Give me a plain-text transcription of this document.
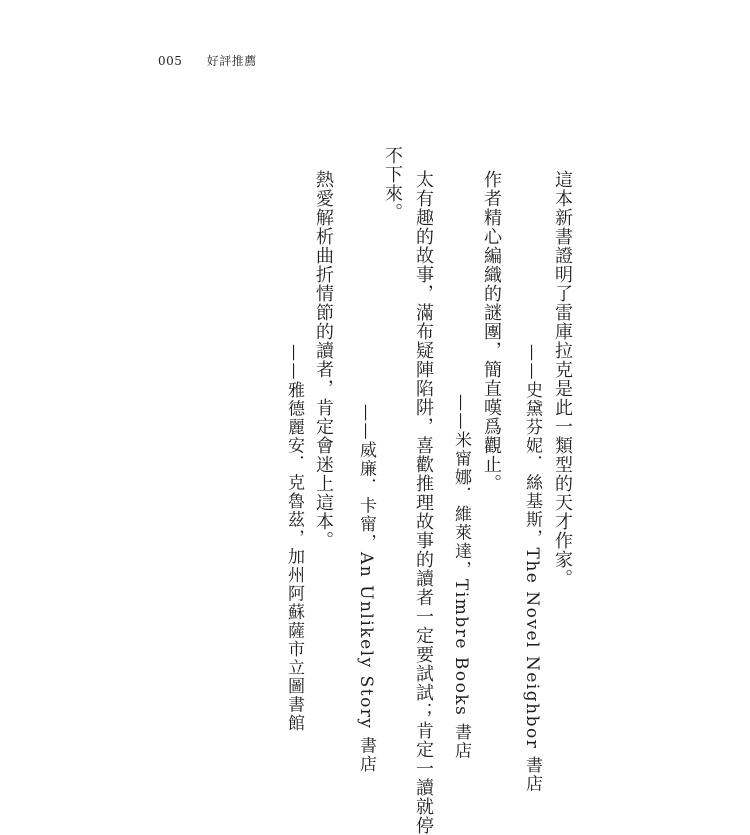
005 好評推薦
這本新書證明了雷庫拉克是此一類型的天才作家。
——史黛芬妮．絲基斯，The Novel Neighbor 書店
作者精心編織的謎團，簡直嘆爲觀止。
——米甯娜．維萊達，Timbre Books 書店
太有趣的故事，滿布疑陣陷阱，喜歡推理故事的讀者一定要試試；肯定一讀就停
不下來。
——威廉．卡甯，An Unlikely Story 書店
熱愛解析曲折情節的讀者，肯定會迷上這本。
——雅德麗安．克魯茲，加州阿蘇薩市立圖書館
